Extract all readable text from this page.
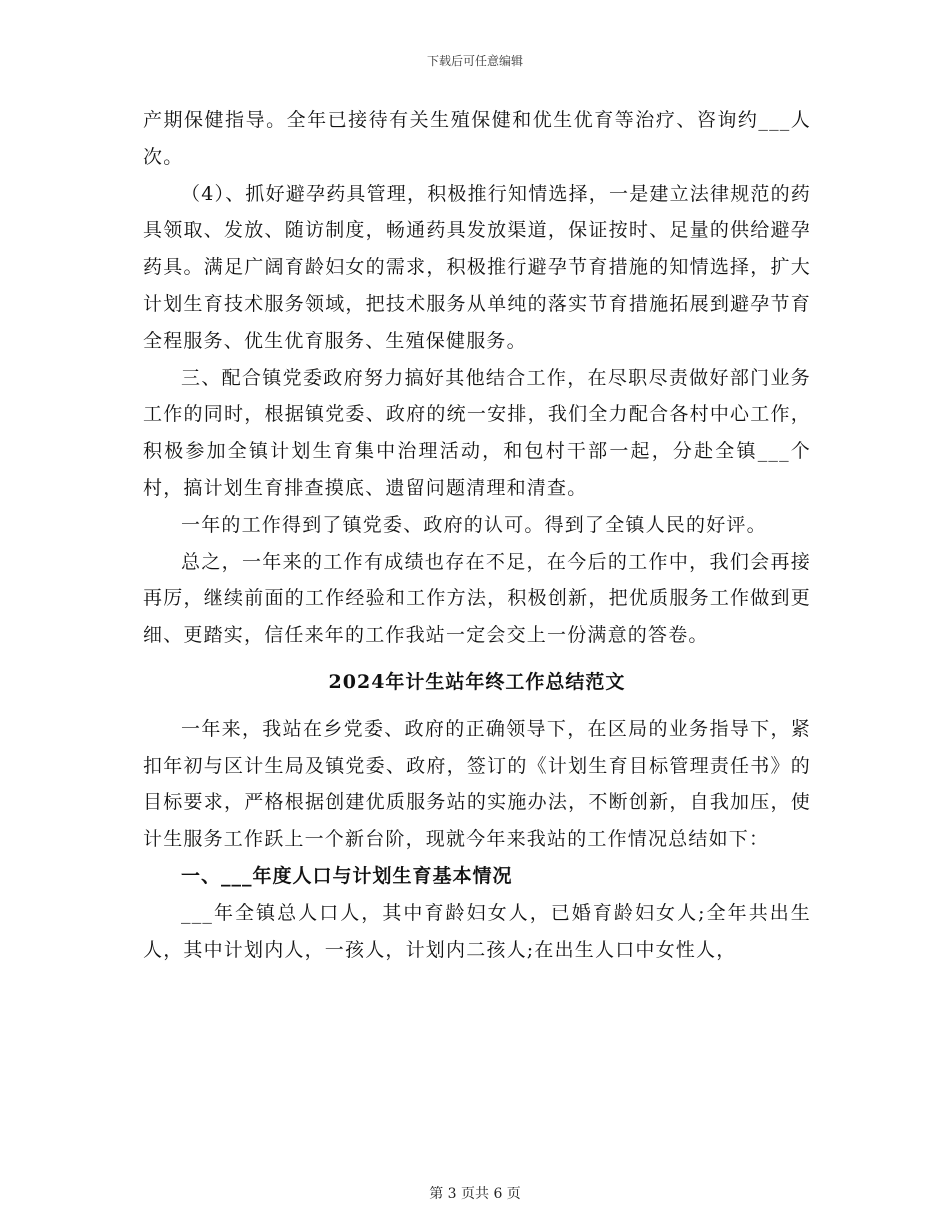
下载后可任意编辑

产期保健指导。全年已接待有关生殖保健和优生优育等治疗、咨询约___人次。

（4）、抓好避孕药具管理，积极推行知情选择，一是建立法律规范的药具领取、发放、随访制度，畅通药具发放渠道，保证按时、足量的供给避孕药具。满足广阔育龄妇女的需求，积极推行避孕节育措施的知情选择，扩大计划生育技术服务领域，把技术服务从单纯的落实节育措施拓展到避孕节育全程服务、优生优育服务、生殖保健服务。

三、配合镇党委政府努力搞好其他结合工作，在尽职尽责做好部门业务工作的同时，根据镇党委、政府的统一安排，我们全力配合各村中心工作，积极参加全镇计划生育集中治理活动，和包村干部一起，分赴全镇___个村，搞计划生育排查摸底、遗留问题清理和清查。

一年的工作得到了镇党委、政府的认可。得到了全镇人民的好评。

总之，一年来的工作有成绩也存在不足，在今后的工作中，我们会再接再厉，继续前面的工作经验和工作方法，积极创新，把优质服务工作做到更细、更踏实，信任来年的工作我站一定会交上一份满意的答卷。

2024年计生站年终工作总结范文

一年来，我站在乡党委、政府的正确领导下，在区局的业务指导下，紧扣年初与区计生局及镇党委、政府，签订的《计划生育目标管理责任书》的目标要求，严格根据创建优质服务站的实施办法，不断创新，自我加压，使计生服务工作跃上一个新台阶，现就今年来我站的工作情况总结如下：

一、___年度人口与计划生育基本情况

___年全镇总人口人，其中育龄妇女人，已婚育龄妇女人;全年共出生人，其中计划内人，一孩人，计划内二孩人;在出生人口中女性人，

第 3 页共 6 页
